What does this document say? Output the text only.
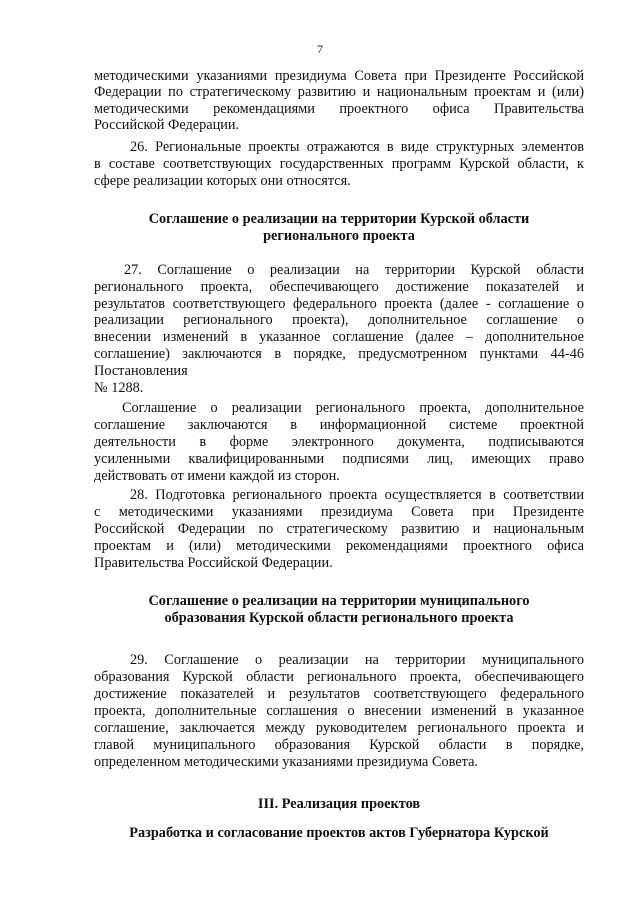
7
методическими указаниями президиума Совета при Президенте Российской
Федерации по стратегическому развитию и национальным проектам и (или)
методическими рекомендациями проектного офиса Правительства
Российской Федерации.
26. Региональные проекты отражаются в виде структурных элементов
в составе соответствующих государственных программ Курской области, к
сфере реализации которых они относятся.
Соглашение о реализации на территории Курской области
регионального проекта
27. Соглашение о реализации на территории Курской области
регионального проекта, обеспечивающего достижение показателей и
результатов соответствующего федерального проекта (далее - соглашение о
реализации регионального проекта), дополнительное соглашение о
внесении изменений в указанное соглашение (далее – дополнительное
соглашение) заключаются в порядке, предусмотренном пунктами 44-46
Постановления
№ 1288.
Соглашение о реализации регионального проекта, дополнительное
соглашение заключаются в информационной системе проектной
деятельности в форме электронного документа, подписываются
усиленными квалифицированными подписями лиц, имеющих право
действовать от имени каждой из сторон.
28. Подготовка регионального проекта осуществляется в соответствии
с методическими указаниями президиума Совета при Президенте
Российской Федерации по стратегическому развитию и национальным
проектам и (или) методическими рекомендациями проектного офиса
Правительства Российской Федерации.
Соглашение о реализации на территории муниципального
образования Курской области регионального проекта
29. Соглашение о реализации на территории муниципального
образования Курской области регионального проекта, обеспечивающего
достижение показателей и результатов соответствующего федерального
проекта, дополнительные соглашения о внесении изменений в указанное
соглашение, заключается между руководителем регионального проекта и
главой муниципального образования Курской области в порядке,
определенном методическими указаниями президиума Совета.
III. Реализация проектов
Разработка и согласование проектов актов Губернатора Курской
